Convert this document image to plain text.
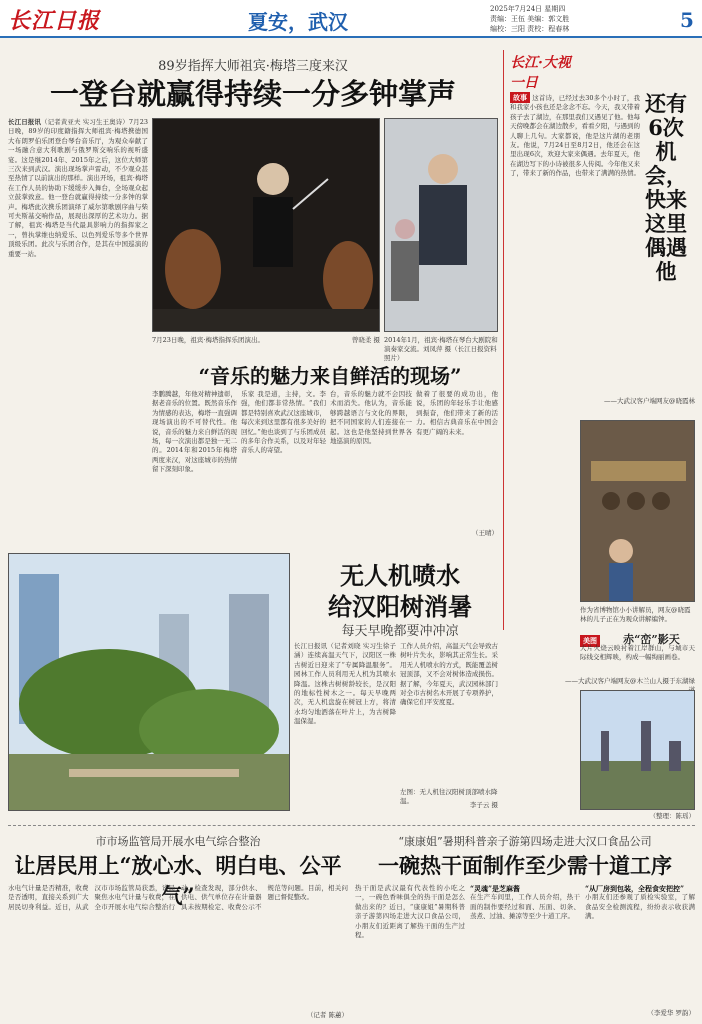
长江日报	夏安，武汉
2025年7月24日 星期四
责编：王伍 美编：郭文胜
编校：三阳 责校：程春林	5
89岁指挥大师祖宾·梅塔三度来汉
一登台就赢得持续一分多钟掌声
长江日报讯（记者黄亚夫 实习生王奥诗）7月23日晚，89岁的印度籍指挥大师祖宾·梅塔携德国大布朗罗伯乐团登台琴台音乐厅，为观众奉献了一场融合意大利歌剧与俄罗斯交响乐的视听盛宴。这是继2014年、2015年之后，这位大师第三次来到武汉。演出现场掌声雷动，不少观众甚至热情了以前演出的那样。演出开场，祖宾·梅塔在工作人员的协助下缓缓步入舞台，全场观众起立鼓掌致意。他一登台就赢得持续一分多钟的掌声。梅塔此次携乐团演绎了威尔第歌剧序曲与柴可夫斯基交响作品，展现出深厚的艺术功力。据了解，祖宾·梅塔是当代最具影响力的指挥家之一，曾执掌维也纳爱乐、以色列爱乐等多个世界顶级乐团。此次与乐团合作，是其在中国巡演的重要一站。
7月23日晚，祖宾·梅塔指挥乐团演出。	曾晓柔 摄 2014年1月，祖宾·梅塔在琴台大剧院和演奏家交流。刘凤萍 摄（长江日报资料照片）
“音乐的魅力来自鲜活的现场”
李鹏腾越，年他对精神遗彰，据老音乐的位置。既然音乐作为情感的表达，梅塔一直强调现场演出的不可替代性。他说，音乐的魅力来自鲜活的现场，每一次演出都是独一无二的。2014年和2015年梅塔两度来汉，对这座城市的热情留下深刻印象。
乐家 我是道，主持，文。李强，他们都非常热情。“我们都是特别喜欢武汉这座城市，每次来到这里都有很多美好的回忆。”他也谈到了与乐团成员的多年合作关系，以及对年轻音乐人的寄望。
台，音乐的魅力就不会因技术而消失。他认为，音乐能够跨越语言与文化的界限，把不同国家的人们连接在一起。这也是他坚持到世界各地巡演的原因。
做着了很要的成功出，他说，乐团的年轻乐手让他感到振奋，他们带来了新的活力。相信古典音乐在中国会有更广阔的未来。
（王晴）
长江·大视一日
还有6次机会，快来这里偶遇他
故事 这首诗，已经过去30多个小时了，我和我家小孩也还是念念不忘。今天，我又带着孩子去了湖边，在那里我们又遇见了他。他每天傍晚都会在湖边散步，看看夕阳，与遇到的人聊上几句。大家都说，他是这片湖的老朋友。他说，7月24日至8月2日，他还会在这里出现6次，欢迎大家来偶遇。去年夏天，他在湖边写下的小诗被很多人传阅。今年他又来了，带来了新的作品，也带来了满满的热情。
——大武汉客户端网友@晓霞林
作为省博物馆小小讲解员，网友@晓霞林的儿子正在为观众讲解编钟。
美图 赤“峦”影天
大片火烧云映衬着江岸群山，与城市天际线交相辉映，构成一幅绚丽画卷。
——大武汉客户端网友@木兰山人摄于东湖绿
（整理：陈瑶）
无人机喷水
给汉阳树消暑
每天早晚都要冲冲凉
长江日报讯（记者刘晓 实习生徐子涵）连续高温天气下，汉阳区一株古树近日迎来了“专属降温服务”。园林工作人员利用无人机为其喷水降温。这株古树树龄较长，是汉阳的地标性树木之一。每天早晚两次，无人机盘旋在树冠上方，将清水均匀地洒落在叶片上，为古树降温保湿。
工作人员介绍，高温天气会导致古树叶片失水，影响其正常生长。采用无人机喷水的方式，既能覆盖树冠顶部，又不会对树体造成损伤。据了解，今年夏天，武汉园林部门对全市古树名木开展了专项养护，确保它们平安度夏。
左图：无人机往汉阳树顶部喷水降温。	李子云 摄
市市场监管局开展水电气综合整治
让居民用上“放心水、明白电、公平气”
水电气计量是否精准，收费是否透明，直接关系到广大居民切身利益。近日，从武汉市市场监管局获悉，该局聚焦水电气计量与收费，在全市开展水电气综合整治行动。检查发现，部分供水、供电、供气单位存在计量器具未按期检定、收费公示不规范等问题。目前，相关问题已督促整改。
（记者 陈蕙）
“康康姐”暑期科普亲子游第四场走进大汉口食品公司
一碗热干面制作至少需十道工序
热干面是武汉最有代表性的小吃之一，一碗色香味俱全的热干面是怎么做出来的？近日，“康康姐”暑期科普亲子游第四场走进大汉口食品公司，小朋友们近距离了解热干面的生产过程。
“灵魂”是芝麻酱
在生产车间里，工作人员介绍，热干面的制作要经过和面、压面、切条、蒸煮、过油、摊凉等至少十道工序。
“从厂房到包装，全程食安把控”
小朋友们还参观了质检实验室，了解食品安全检测流程，纷纷表示收获满满。
（李爱华 罗韵）
